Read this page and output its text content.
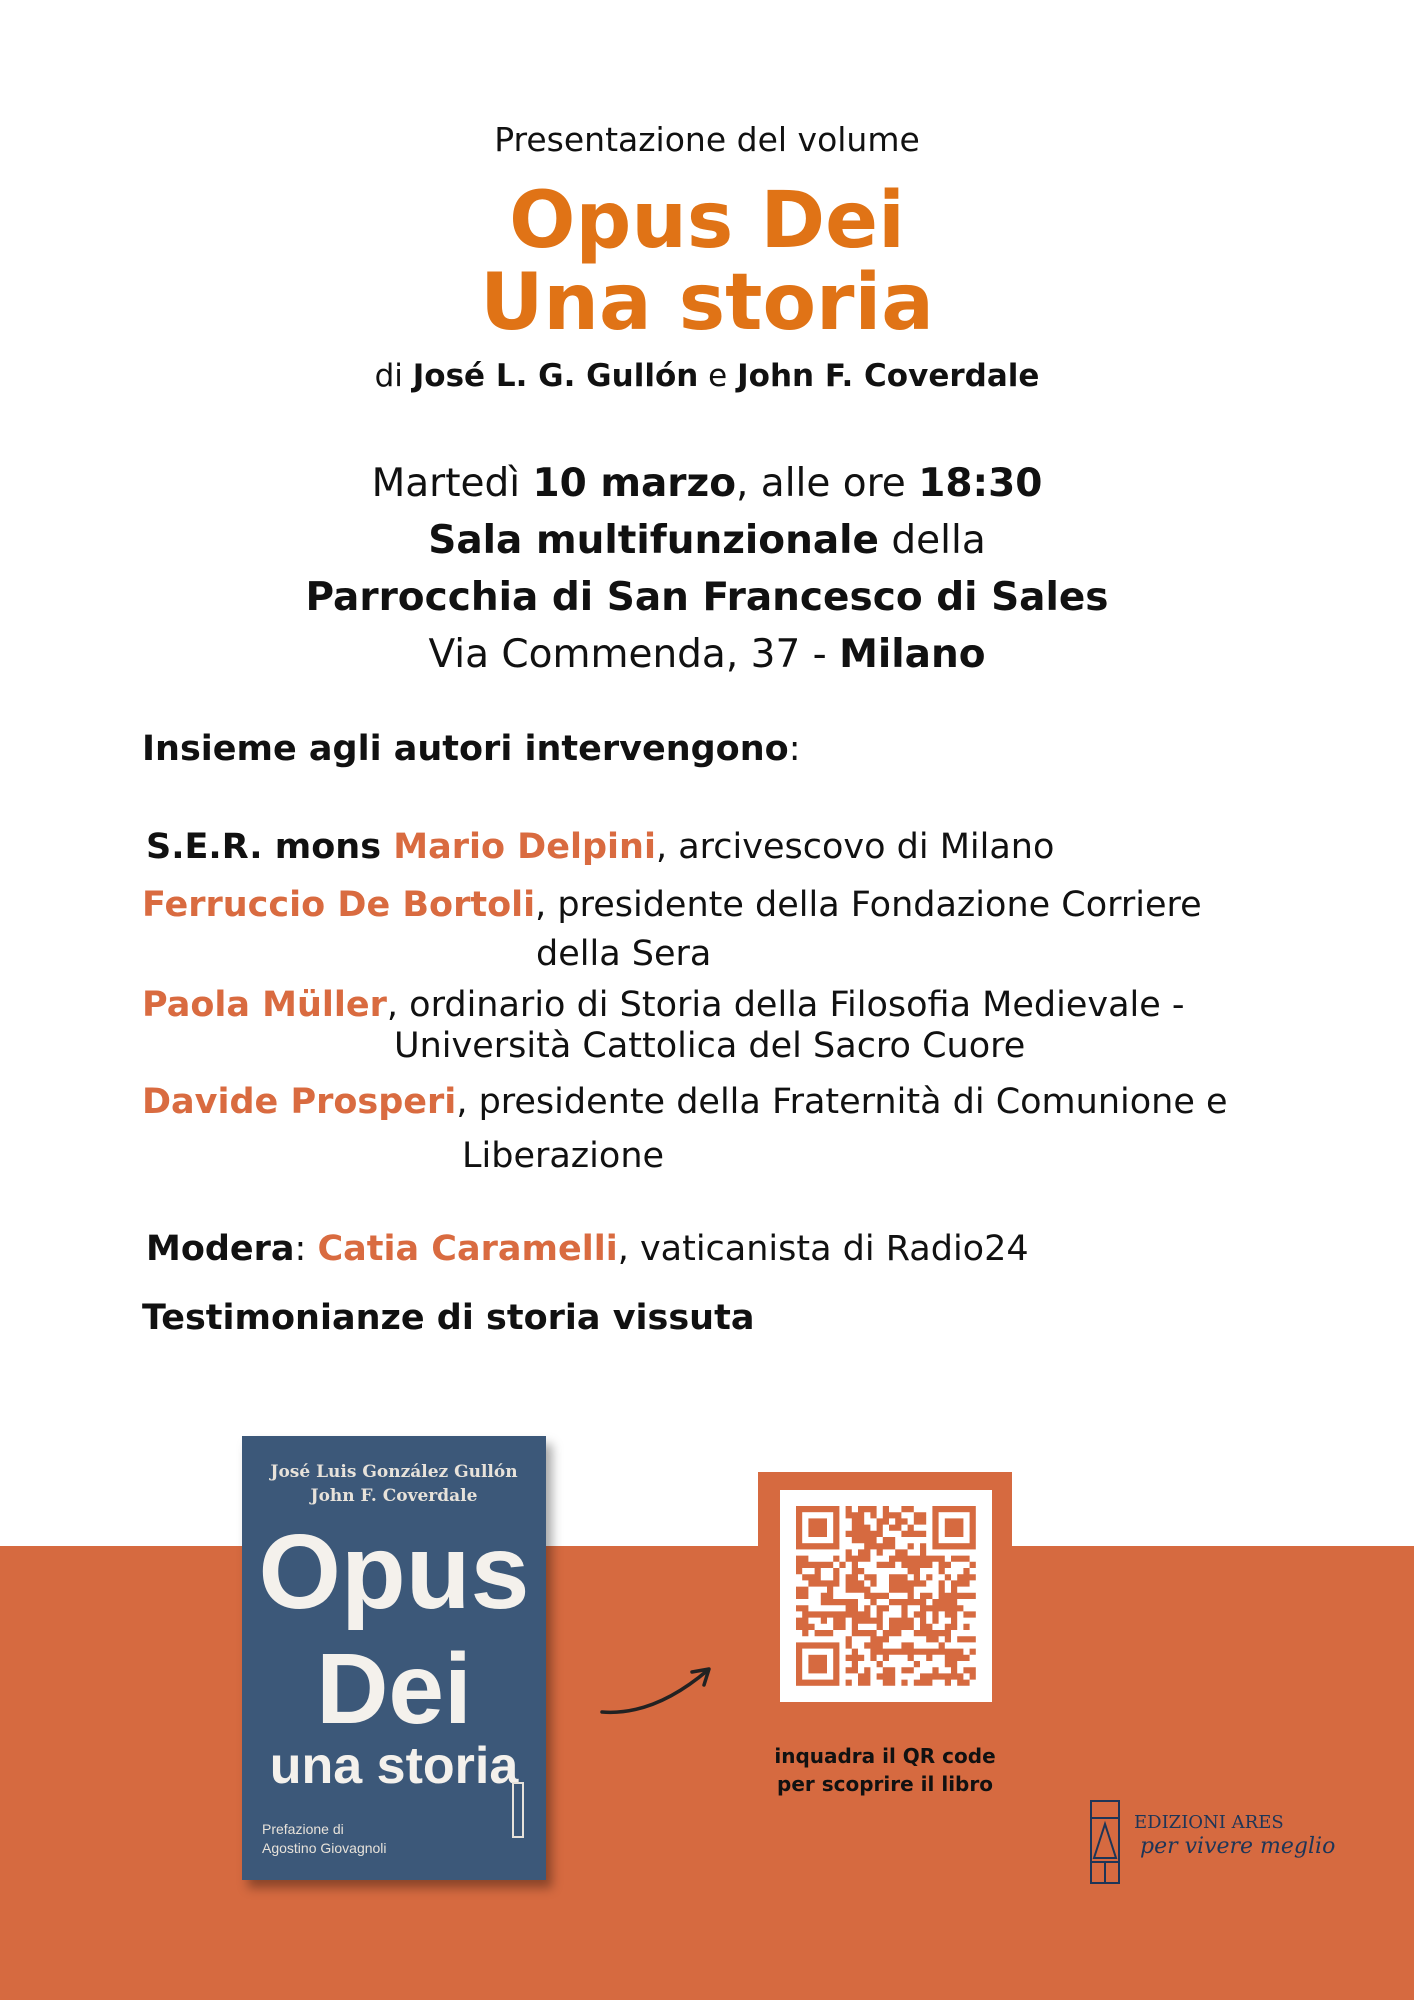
Presentazione del volume
Opus Dei
Una storia
di José L. G. Gullón e John F. Coverdale
Martedì 10 marzo, alle ore 18:30
Sala multifunzionale della
Parrocchia di San Francesco di Sales
Via Commenda, 37 - Milano
Insieme agli autori intervengono:
S.E.R. mons Mario Delpini, arcivescovo di Milano
Ferruccio De Bortoli, presidente della Fondazione Corriere
della Sera
Paola Müller, ordinario di Storia della Filosofia Medievale -
Università Cattolica del Sacro Cuore
Davide Prosperi, presidente della Fraternità di Comunione e
Liberazione
Modera: Catia Caramelli, vaticanista di Radio24
Testimonianze di storia vissuta
José Luis González Gullón
John F. Coverdale
Opus
Dei
una storia
Prefazione di
Agostino Giovagnoli
inquadra il QR code
per scoprire il libro
EDIZIONI ARES
per vivere meglio
